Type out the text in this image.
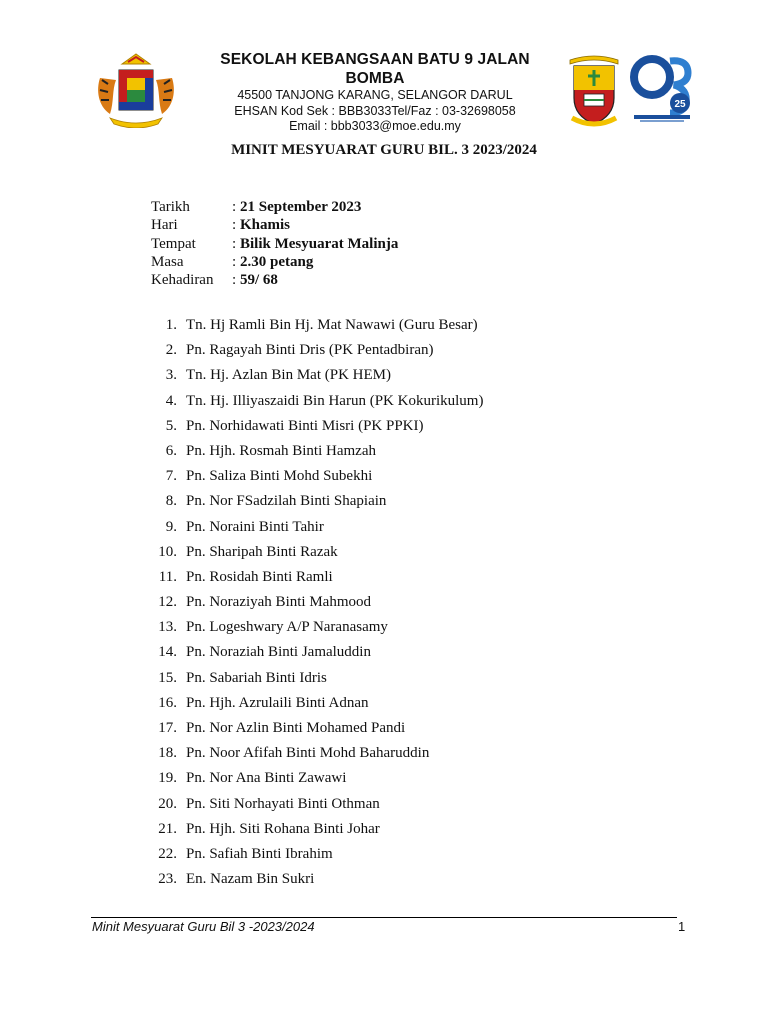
SEKOLAH KEBANGSAAN BATU 9 JALAN BOMBA
45500 TANJONG KARANG, SELANGOR DARUL
EHSAN Kod Sek : BBB3033Tel/Faz : 03-32698058
Email : bbb3033@moe.edu.my
25
MINIT MESYUARAT GURU BIL. 3 2023/2024
Tarikh	: 21 September 2023
Hari	: Khamis
Tempat	: Bilik Mesyuarat Malinja
Masa	: 2.30 petang
Kehadiran	: 59/ 68
1. Tn. Hj Ramli Bin Hj. Mat Nawawi (Guru Besar)
2. Pn. Ragayah Binti Dris (PK Pentadbiran)
3. Tn. Hj. Azlan Bin Mat (PK HEM)
4. Tn. Hj. Illiyaszaidi Bin Harun (PK Kokurikulum)
5. Pn. Norhidawati Binti Misri (PK PPKI)
6. Pn. Hjh. Rosmah Binti Hamzah
7. Pn. Saliza Binti Mohd Subekhi
8. Pn. Nor FSadzilah Binti Shapiain
9. Pn. Noraini Binti Tahir
10. Pn. Sharipah Binti Razak
11. Pn. Rosidah Binti Ramli
12. Pn. Noraziyah Binti Mahmood
13. Pn. Logeshwary A/P Naranasamy
14. Pn. Noraziah Binti Jamaluddin
15. Pn. Sabariah Binti Idris
16. Pn. Hjh. Azrulaili Binti Adnan
17. Pn. Nor Azlin Binti Mohamed Pandi
18. Pn. Noor Afifah Binti Mohd Baharuddin
19. Pn. Nor Ana Binti Zawawi
20. Pn. Siti Norhayati Binti Othman
21. Pn. Hjh. Siti Rohana Binti Johar
22. Pn. Safiah Binti Ibrahim
23. En. Nazam Bin Sukri
Minit Mesyuarat Guru Bil 3 -2023/2024	1
